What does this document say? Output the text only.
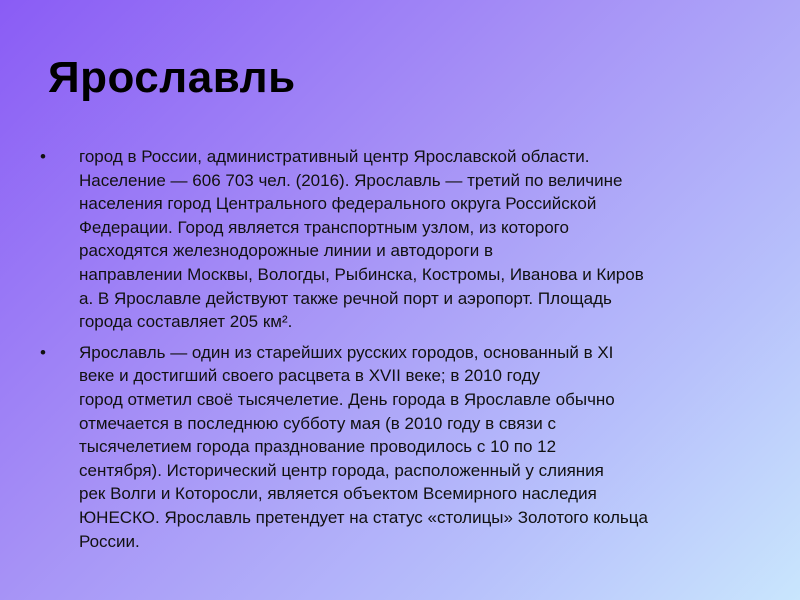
Ярославль
• город в России, административный центр Ярославской области.
Население — 606 703 чел. (2016). Ярославль — третий по величине
населения город Центрального федерального округа Российской
Федерации. Город является транспортным узлом, из которого
расходятся железнодорожные линии и автодороги в
направлении Москвы, Вологды, Рыбинска, Костромы, Иванова и Киров
а. В Ярославле действуют также речной порт и аэропорт. Площадь
города составляет 205 км².
• Ярославль — один из старейших русских городов, основанный в XI
веке и достигший своего расцвета в XVII веке; в 2010 году
город отметил своё тысячелетие. День города в Ярославле обычно
отмечается в последнюю субботу мая (в 2010 году в связи с
тысячелетием города празднование проводилось с 10 по 12
сентября). Исторический центр города, расположенный у слияния
рек Волги и Которосли, является объектом Всемирного наследия
ЮНЕСКО. Ярославль претендует на статус «столицы» Золотого кольца
России.
